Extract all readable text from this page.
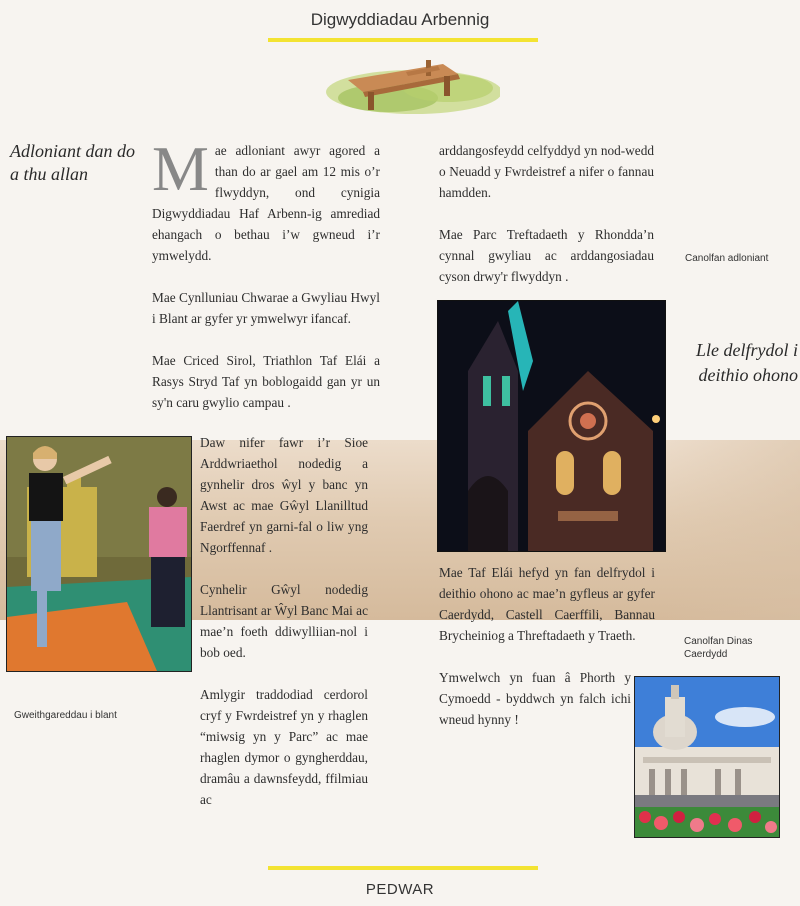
Digwyddiadau Arbennig
Adloniant dan do a thu allan Mae adloniant awyr agored a than do ar gael am 12 mis o’r flwyddyn, ond cynigia Digwyddiadau Haf Arbenn-ig amrediad ehangach o bethau i’w gwneud i’r ymwelydd.

Mae Cynlluniau Chwarae a Gwyliau Hwyl i Blant ar gyfer yr ymwelwyr ifancaf.

Mae Criced Sirol, Triathlon Taf Elái a Rasys Stryd Taf yn boblogaidd gan yr un sy'n caru gwylio campau .

Daw nifer fawr i’r Sioe Arddwriaethol nodedig a gynhelir dros ŵyl y banc yn Awst ac mae Gŵyl Llanilltud Faerdref yn garni-fal o liw yng Ngorffennaf .

Cynhelir Gŵyl nodedig Llantrisant ar Ŵyl Banc Mai ac mae’n foeth ddiwylliian-nol i bob oed.

Amlygir traddodiad cerdorol cryf y Fwrdeistref yn y rhaglen “miwsig yn y Parc” ac mae rhaglen dymor o gyngherddau, dramâu a dawnsfeydd, ffilmiau ac

Gweithgareddau i blant

arddangosfeydd celfyddyd yn nod-wedd o Neuadd y Fwrdeistref a nifer o fannau hamdden.

Mae Parc Treftadaeth y Rhondda’n cynnal gwyliau ac arddangosiadau cyson drwy'r flwyddyn .

Canolfan adloniant
Lle delfrydol i deithio ohono

Mae Taf Elái hefyd yn fan delfrydol i deithio ohono ac mae’n gyfleus ar gyfer Caerdydd, Castell Caerffili, Bannau Brycheiniog a Threftadaeth y Traeth.

Ymwelwch yn fuan â Phorth y Cymoedd - byddwch yn falch ichi wneud hynny !

Canolfan Dinas Caerdydd
PEDWAR
